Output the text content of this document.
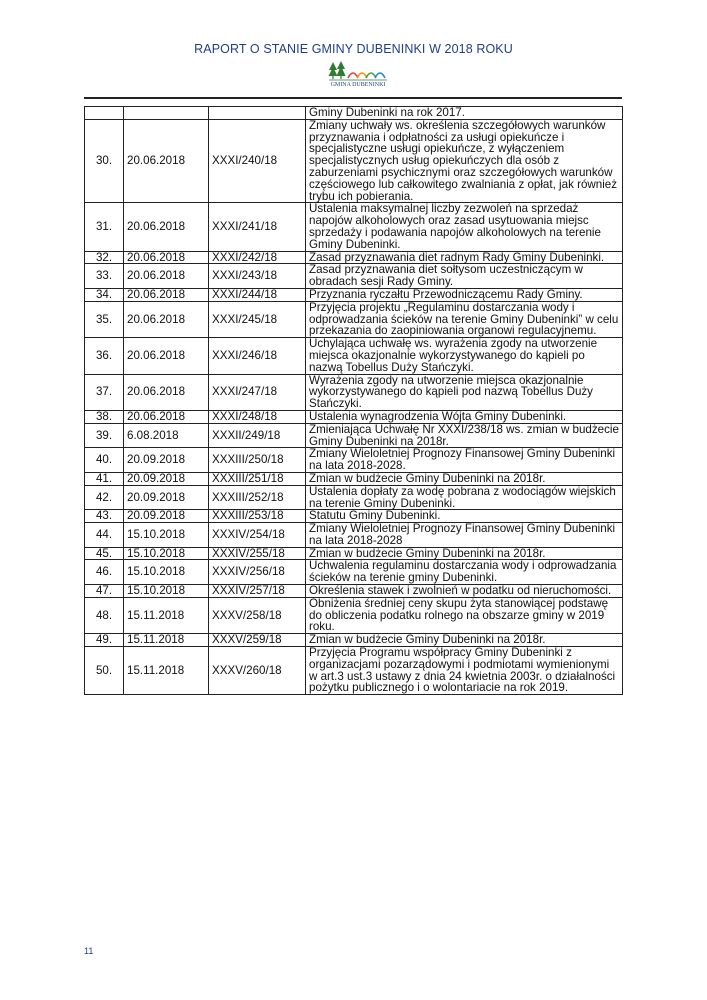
RAPORT O STANIE GMINY DUBENINKI W 2018 ROKU
GMINA DUBENINKI
			Gminy Dubeninki na rok 2017.
30.	20.06.2018	XXXI/240/18	Zmiany uchwały ws. określenia szczegółowych warunków przyznawania i odpłatności za usługi opiekuńcze i specjalistyczne usługi opiekuńcze, z wyłączeniem specjalistycznych usług opiekuńczych dla osób z zaburzeniami psychicznymi oraz szczegółowych warunków częściowego lub całkowitego zwalniania z opłat, jak również trybu ich pobierania.
31.	20.06.2018	XXXI/241/18	Ustalenia maksymalnej liczby zezwoleń na sprzedaż napojów alkoholowych oraz zasad usytuowania miejsc sprzedaży i podawania napojów alkoholowych na terenie Gminy Dubeninki.
32.	20.06.2018	XXXI/242/18	Zasad przyznawania diet radnym Rady Gminy Dubeninki.
33.	20.06.2018	XXXI/243/18	Zasad przyznawania diet sołtysom uczestniczącym w obradach sesji Rady Gminy.
34.	20.06.2018	XXXI/244/18	Przyznania ryczałtu Przewodniczącemu Rady Gminy.
35.	20.06.2018	XXXI/245/18	Przyjęcia projektu „Regulaminu dostarczania wody i odprowadzania ścieków na terenie Gminy Dubeninki” w celu przekazania do zaopiniowania organowi regulacyjnemu.
36.	20.06.2018	XXXI/246/18	Uchylająca uchwałę ws. wyrażenia zgody na utworzenie miejsca okazjonalnie wykorzystywanego do kąpieli po nazwą Tobellus Duży Stańczyki.
37.	20.06.2018	XXXI/247/18	Wyrażenia zgody na utworzenie miejsca okazjonalnie wykorzystywanego do kąpieli pod nazwą Tobellus Duży Stańczyki.
38.	20.06.2018	XXXI/248/18	Ustalenia wynagrodzenia Wójta Gminy Dubeninki.
39.	6.08.2018	XXXII/249/18	Zmieniająca Uchwałę Nr XXXI/238/18 ws. zmian w budżecie Gminy Dubeninki na 2018r.
40.	20.09.2018	XXXIII/250/18	Zmiany Wieloletniej Prognozy Finansowej Gminy Dubeninki na lata 2018-2028.
41.	20.09.2018	XXXIII/251/18	Zmian w budżecie Gminy Dubeninki na 2018r.
42.	20.09.2018	XXXIII/252/18	Ustalenia dopłaty za wodę pobrana z wodociągów wiejskich na terenie Gminy Dubeninki.
43.	20.09.2018	XXXIII/253/18	Statutu Gminy Dubeninki.
44.	15.10.2018	XXXIV/254/18	Zmiany Wieloletniej Prognozy Finansowej Gminy Dubeninki na lata 2018-2028
45.	15.10.2018	XXXIV/255/18	Zmian w budżecie Gminy Dubeninki na 2018r.
46.	15.10.2018	XXXIV/256/18	Uchwalenia regulaminu dostarczania wody i odprowadzania ścieków na terenie gminy Dubeninki.
47.	15.10.2018	XXXIV/257/18	Określenia stawek i zwolnień w podatku od nieruchomości.
48.	15.11.2018	XXXV/258/18	Obniżenia średniej ceny skupu żyta stanowiącej podstawę do obliczenia podatku rolnego na obszarze gminy w 2019 roku.
49.	15.11.2018	XXXV/259/18	Zmian w budżecie Gminy Dubeninki na 2018r.
50.	15.11.2018	XXXV/260/18	Przyjęcia Programu współpracy Gminy Dubeninki z organizacjami pozarządowymi i podmiotami wymienionymi w art.3 ust.3 ustawy z dnia 24 kwietnia 2003r. o działalności pożytku publicznego i o wolontariacie na rok 2019.
11
